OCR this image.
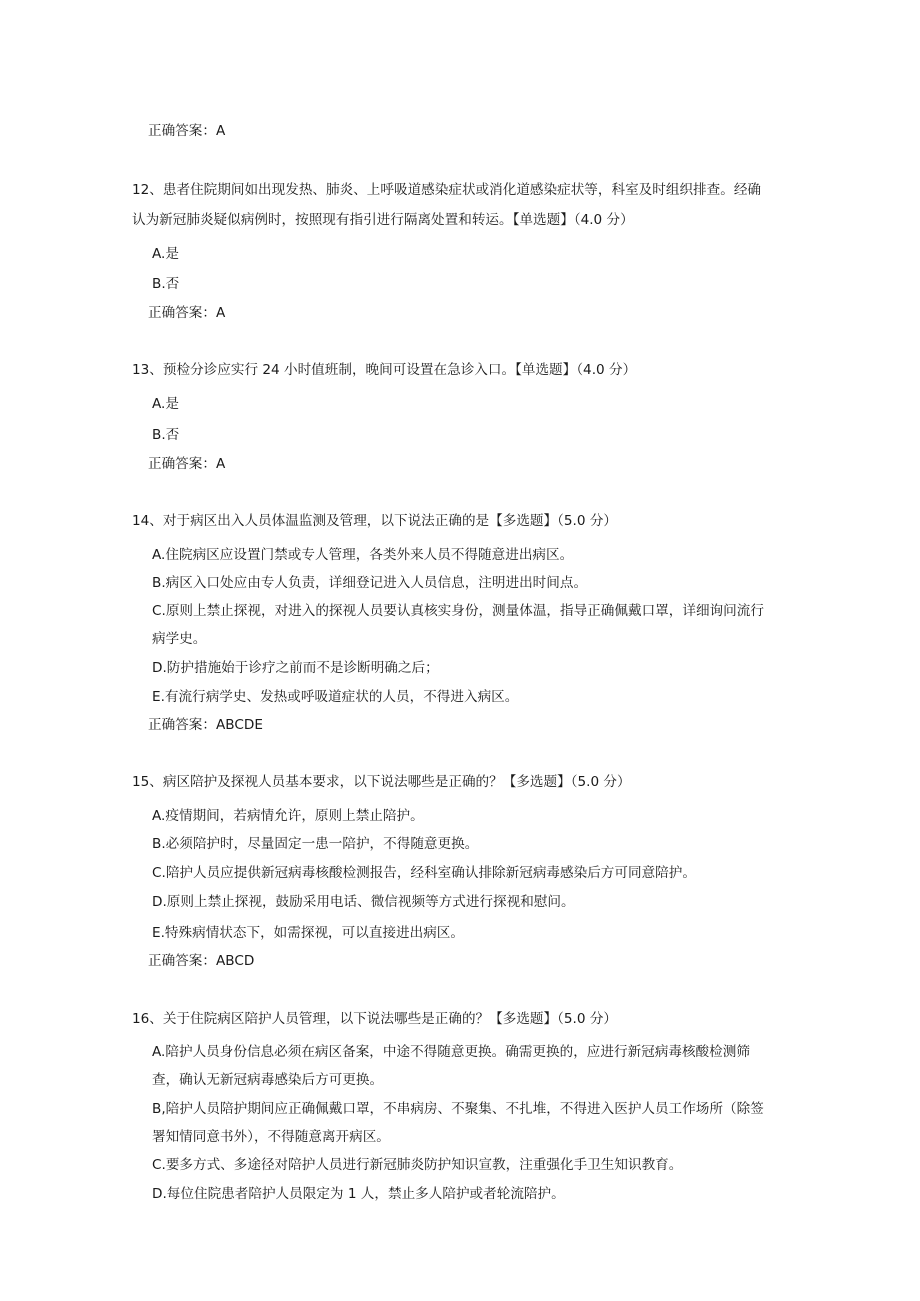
正确答案：A
12、患者住院期间如出现发热、肺炎、上呼吸道感染症状或消化道感染症状等，科室及时组织排查。经确
认为新冠肺炎疑似病例时，按照现有指引进行隔离处置和转运。【单选题】（4.0 分）
A.是
B.否
正确答案：A
13、预检分诊应实行 24 小时值班制，晚间可设置在急诊入口。【单选题】（4.0 分）
A.是
B.否
正确答案：A
14、对于病区出入人员体温监测及管理，以下说法正确的是【多选题】（5.0 分）
A.住院病区应设置门禁或专人管理，各类外来人员不得随意进出病区。
B.病区入口处应由专人负责，详细登记进入人员信息，注明进出时间点。
C.原则上禁止探视，对进入的探视人员要认真核实身份，测量体温，指导正确佩戴口罩，详细询问流行
病学史。
D.防护措施始于诊疗之前而不是诊断明确之后；
E.有流行病学史、发热或呼吸道症状的人员，不得进入病区。
正确答案：ABCDE
15、病区陪护及探视人员基本要求，以下说法哪些是正确的？【多选题】（5.0 分）
A.疫情期间，若病情允许，原则上禁止陪护。
B.必须陪护时，尽量固定一患一陪护，不得随意更换。
C.陪护人员应提供新冠病毒核酸检测报告，经科室确认排除新冠病毒感染后方可同意陪护。
D.原则上禁止探视，鼓励采用电话、微信视频等方式进行探视和慰问。
E.特殊病情状态下，如需探视，可以直接进出病区。
正确答案：ABCD
16、关于住院病区陪护人员管理，以下说法哪些是正确的？【多选题】（5.0 分）
A.陪护人员身份信息必须在病区备案，中途不得随意更换。确需更换的，应进行新冠病毒核酸检测筛
查，确认无新冠病毒感染后方可更换。
B,陪护人员陪护期间应正确佩戴口罩，不串病房、不聚集、不扎堆，不得进入医护人员工作场所（除签
署知情同意书外），不得随意离开病区。
C.要多方式、多途径对陪护人员进行新冠肺炎防护知识宣教，注重强化手卫生知识教育。
D.每位住院患者陪护人员限定为 1 人，禁止多人陪护或者轮流陪护。
